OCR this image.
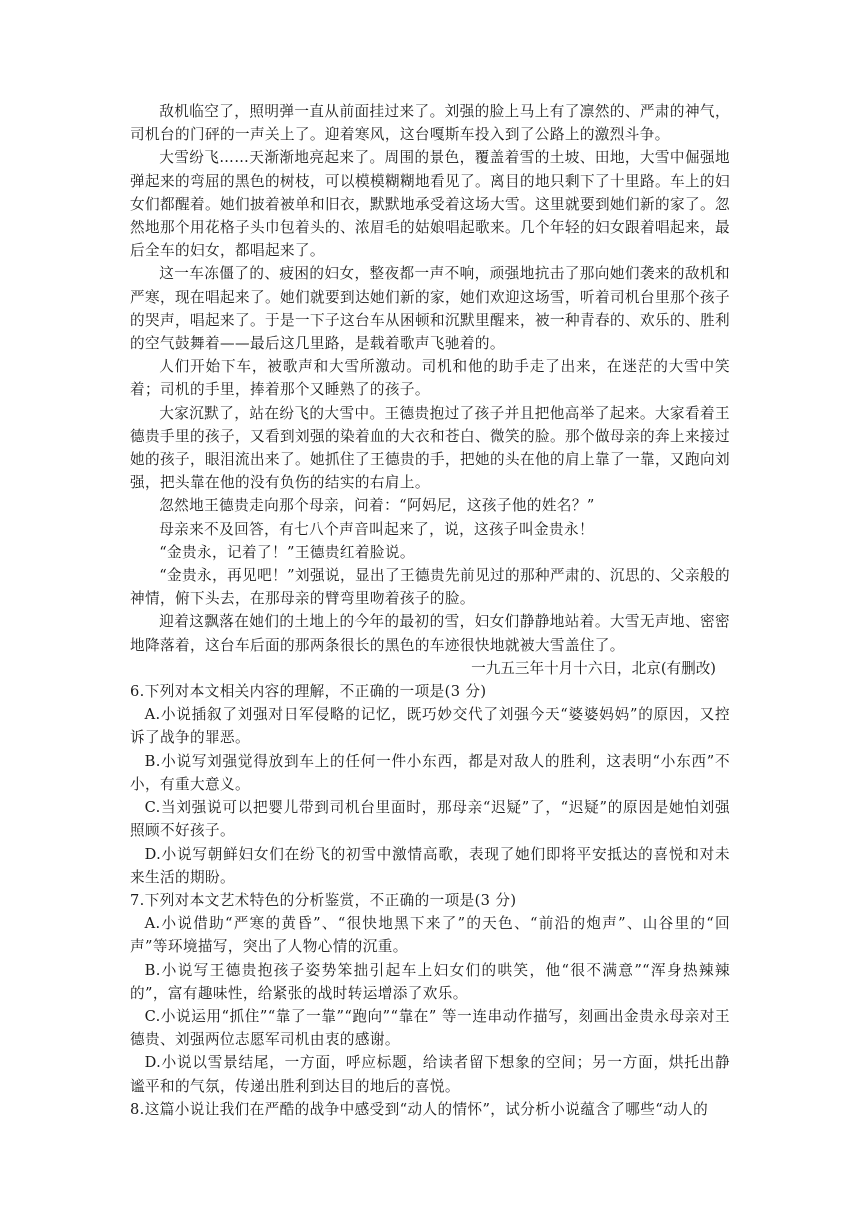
敌机临空了，照明弹一直从前面挂过来了。刘强的脸上马上有了凛然的、严肃的神气，司机台的门砰的一声关上了。迎着寒风，这台嘎斯车投入到了公路上的激烈斗争。

大雪纷飞……天渐渐地亮起来了。周围的景色，覆盖着雪的土坡、田地，大雪中倔强地弹起来的弯屈的黑色的树枝，可以模模糊糊地看见了。离目的地只剩下了十里路。车上的妇女们都醒着。她们披着被单和旧衣，默默地承受着这场大雪。这里就要到她们新的家了。忽然地那个用花格子头巾包着头的、浓眉毛的姑娘唱起歌来。几个年轻的妇女跟着唱起来，最后全车的妇女，都唱起来了。

这一车冻僵了的、疲困的妇女，整夜都一声不响，顽强地抗击了那向她们袭来的敌机和严寒，现在唱起来了。她们就要到达她们新的家，她们欢迎这场雪，听着司机台里那个孩子的哭声，唱起来了。于是一下子这台车从困顿和沉默里醒来，被一种青春的、欢乐的、胜利的空气鼓舞着——最后这几里路，是载着歌声飞驰着的。

人们开始下车，被歌声和大雪所激动。司机和他的助手走了出来，在迷茫的大雪中笑着；司机的手里，捧着那个又睡熟了的孩子。

大家沉默了，站在纷飞的大雪中。王德贵抱过了孩子并且把他高举了起来。大家看着王德贵手里的孩子，又看到刘强的染着血的大衣和苍白、微笑的脸。那个做母亲的奔上来接过她的孩子，眼泪流出来了。她抓住了王德贵的手，把她的头在他的肩上靠了一靠，又跑向刘强，把头靠在他的没有负伤的结实的右肩上。

忽然地王德贵走向那个母亲，问着：“阿妈尼，这孩子他的姓名？”

母亲来不及回答，有七八个声音叫起来了，说，这孩子叫金贵永！

“金贵永，记着了！”王德贵红着脸说。

“金贵永，再见吧！”刘强说，显出了王德贵先前见过的那种严肃的、沉思的、父亲般的神情，俯下头去，在那母亲的臂弯里吻着孩子的脸。

迎着这飘落在她们的土地上的今年的最初的雪，妇女们静静地站着。大雪无声地、密密地降落着，这台车后面的那两条很长的黑色的车迹很快地就被大雪盖住了。

一九五三年十月十六日，北京(有删改)

6.下列对本文相关内容的理解，不正确的一项是(3 分)

A.小说插叙了刘强对日军侵略的记忆，既巧妙交代了刘强今天“婆婆妈妈”的原因，又控诉了战争的罪恶。

B.小说写刘强觉得放到车上的任何一件小东西，都是对敌人的胜利，这表明“小东西”不小，有重大意义。

C.当刘强说可以把婴儿带到司机台里面时，那母亲“迟疑”了，“迟疑”的原因是她怕刘强照顾不好孩子。

D.小说写朝鲜妇女们在纷飞的初雪中激情高歌，表现了她们即将平安抵达的喜悦和对未来生活的期盼。

7.下列对本文艺术特色的分析鉴赏，不正确的一项是(3 分)

A.小说借助“严寒的黄昏”、“很快地黑下来了”的天色、“前沿的炮声”、山谷里的“回声”等环境描写，突出了人物心情的沉重。

B.小说写王德贵抱孩子姿势笨拙引起车上妇女们的哄笑，他“很不满意”“浑身热辣辣的”，富有趣味性，给紧张的战时转运增添了欢乐。

C.小说运用“抓住”“靠了一靠”“跑向”“靠在” 等一连串动作描写，刻画出金贵永母亲对王德贵、刘强两位志愿军司机由衷的感谢。

D.小说以雪景结尾，一方面，呼应标题，给读者留下想象的空间；另一方面，烘托出静谧平和的气氛，传递出胜利到达目的地后的喜悦。

8.这篇小说让我们在严酷的战争中感受到“动人的情怀”，试分析小说蕴含了哪些“动人的
